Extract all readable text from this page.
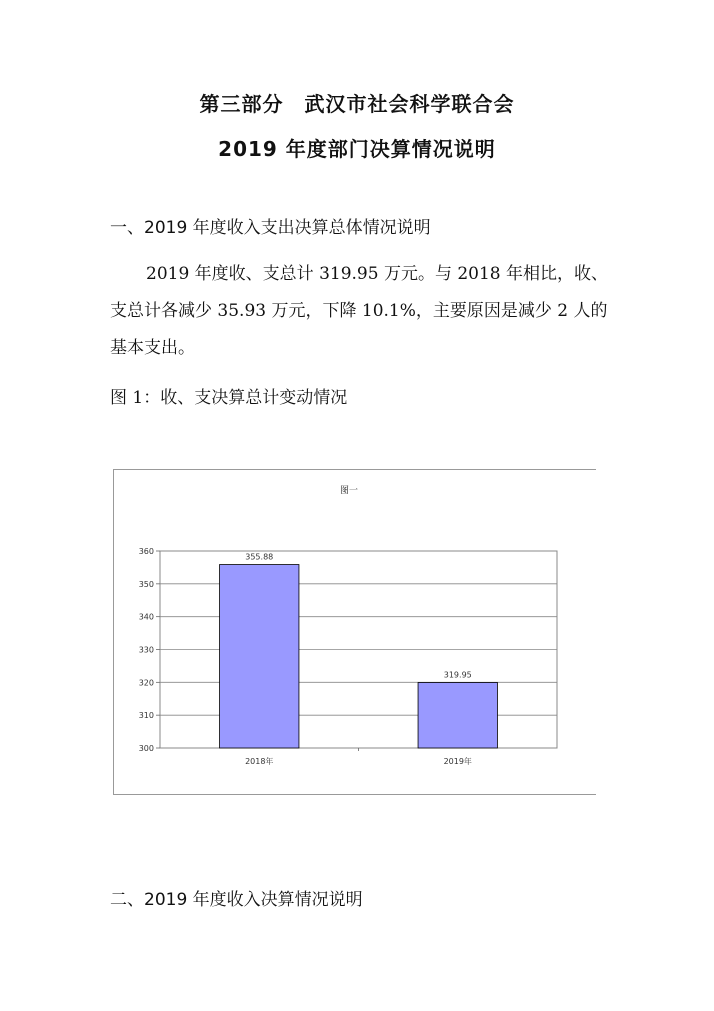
第三部分　武汉市社会科学联合会
2019 年度部门决算情况说明
一、2019 年度收入支出决算总体情况说明
2019 年度收、支总计 319.95 万元。与 2018 年相比，收、支总计各减少 35.93 万元，下降 10.1%，主要原因是减少 2 人的基本支出。
图 1：收、支决算总计变动情况
图一
300
310
320
330
340
350
360
355.88
2018年
319.95
2019年
二、2019 年度收入决算情况说明
